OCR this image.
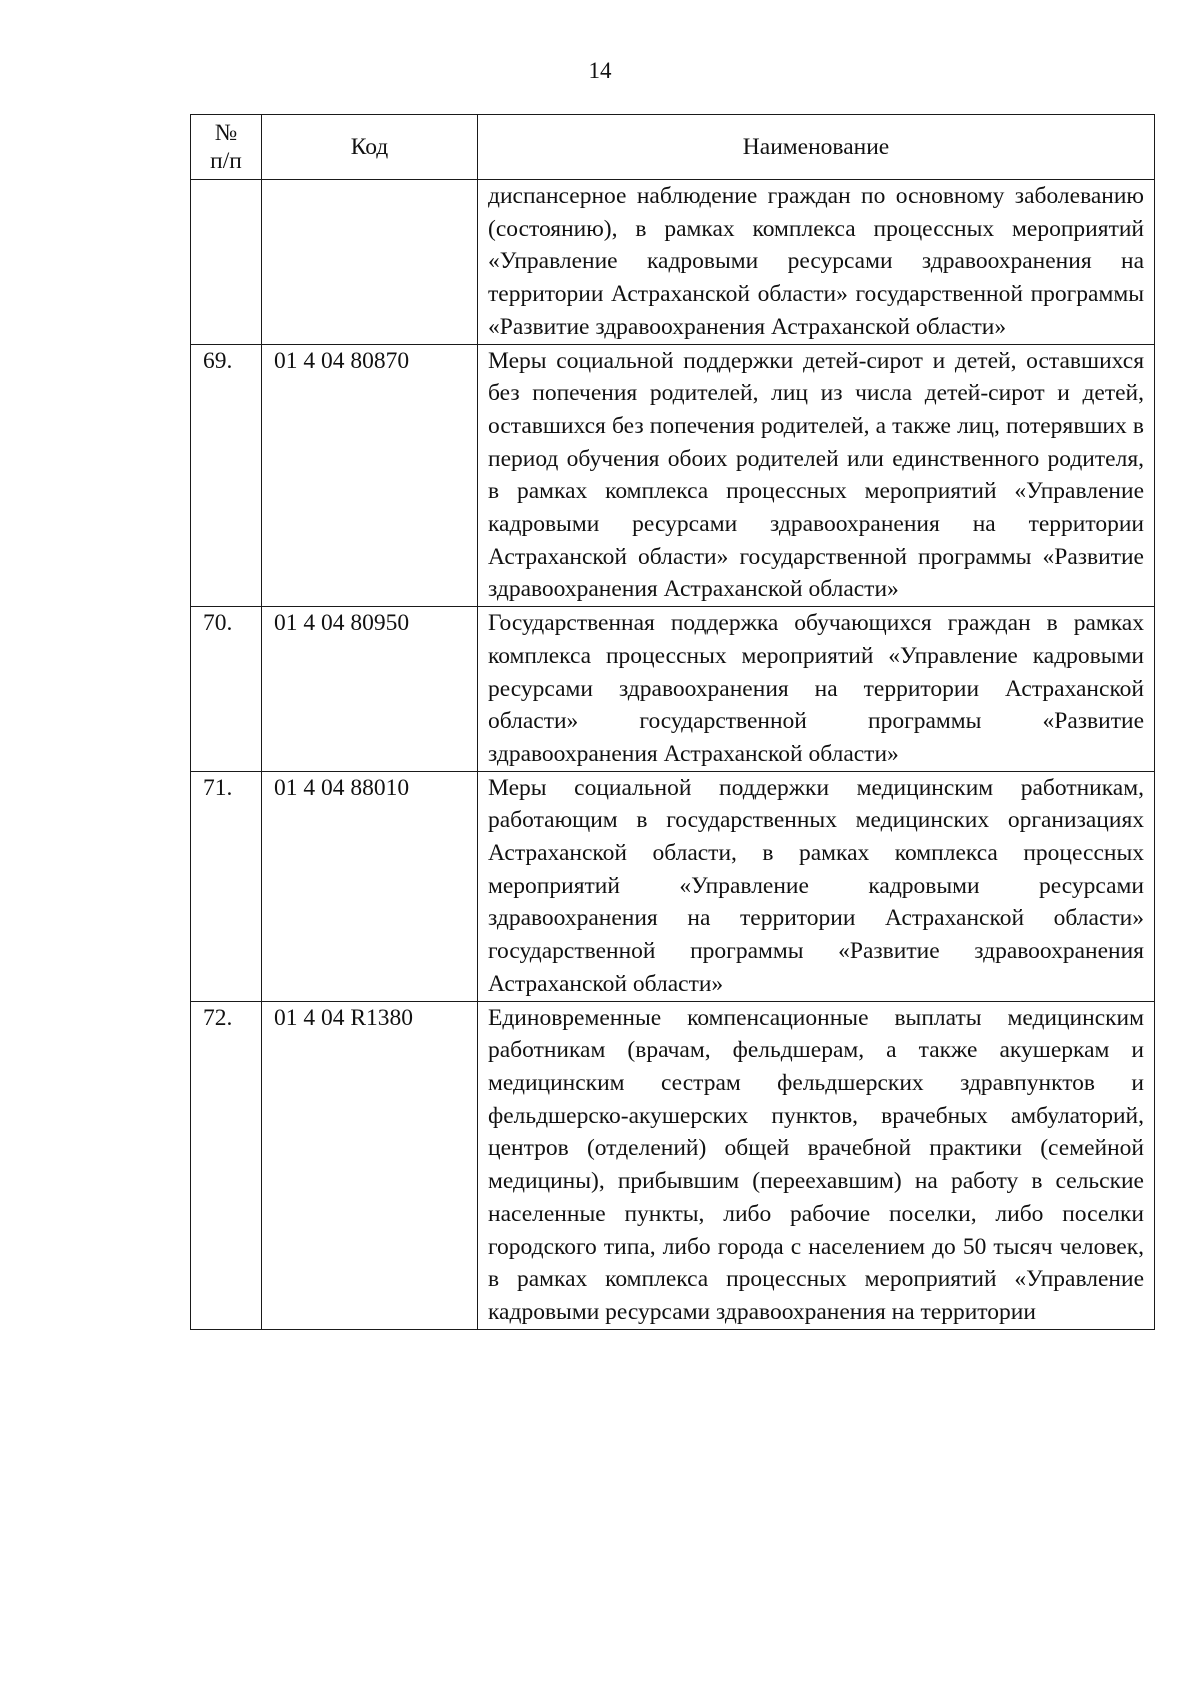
14
№
п/п	Код	Наименование
		диспансерное наблюдение граждан по основному заболеванию (состоянию), в рамках комплекса процессных мероприятий «Управление кадровыми ресурсами здравоохранения на территории Астраханской области» государственной программы «Развитие здравоохранения Астраханской области»
69.	01 4 04 80870	Меры социальной поддержки детей-сирот и детей, оставшихся без попечения родителей, лиц из числа детей-сирот и детей, оставшихся без попечения родителей, а также лиц, потерявших в период обучения обоих родителей или единственного родителя, в рамках комплекса процессных мероприятий «Управление кадровыми ресурсами здравоохранения на территории Астраханской области» государственной программы «Развитие здравоохранения Астраханской области»
70.	01 4 04 80950	Государственная поддержка обучающихся граждан в рамках комплекса процессных мероприятий «Управление кадровыми ресурсами здравоохранения на территории Астраханской области» государственной программы «Развитие здравоохранения Астраханской области»
71.	01 4 04 88010	Меры социальной поддержки медицинским работникам, работающим в государственных медицинских организациях Астраханской области, в рамках комплекса процессных мероприятий «Управление кадровыми ресурсами здравоохранения на территории Астраханской области» государственной программы «Развитие здравоохранения Астраханской области»
72.	01 4 04 R1380	Единовременные компенсационные выплаты медицинским работникам (врачам, фельдшерам, а также акушеркам и медицинским сестрам фельдшерских здравпунктов и фельдшерско-акушерских пунктов, врачебных амбулаторий, центров (отделений) общей врачебной практики (семейной медицины), прибывшим (переехавшим) на работу в сельские населенные пункты, либо рабочие поселки, либо поселки городского типа, либо города с населением до 50 тысяч человек, в рамках комплекса процессных мероприятий «Управление кадровыми ресурсами здравоохранения на территории
